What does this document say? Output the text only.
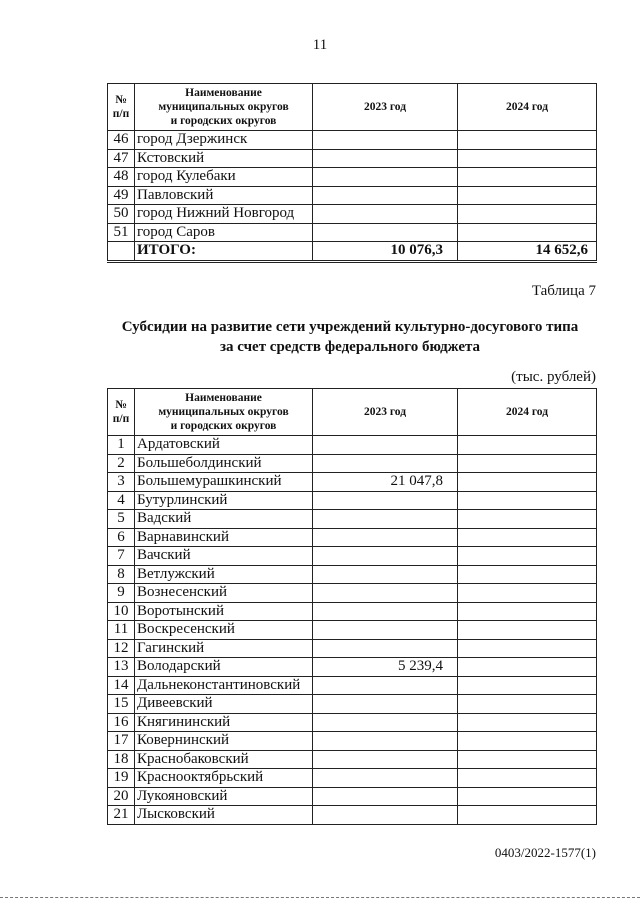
11
№
п/п	Наименование
муниципальных округов
и городских округов	2023 год	2024 год
46	город Дзержинск		
47	Кстовский		
48	город Кулебаки		
49	Павловский		
50	город Нижний Новгород		
51	город Саров		
	ИТОГО:	10 076,3	14 652,6
Таблица 7
Субсидии на развитие сети учреждений культурно-досугового типа
за счет средств федерального бюджета
(тыс. рублей)
№
п/п	Наименование
муниципальных округов
и городских округов	2023 год	2024 год
1	Ардатовский		
2	Большеболдинский		
3	Большемурашкинский	21 047,8	
4	Бутурлинский		
5	Вадский		
6	Варнавинский		
7	Вачский		
8	Ветлужский		
9	Вознесенский		
10	Воротынский		
11	Воскресенский		
12	Гагинский		
13	Володарский	5 239,4	
14	Дальнеконстантиновский		
15	Дивеевский		
16	Княгининский		
17	Ковернинский		
18	Краснобаковский		
19	Краснооктябрьский		
20	Лукояновский		
21	Лысковский		
0403/2022-1577(1)
